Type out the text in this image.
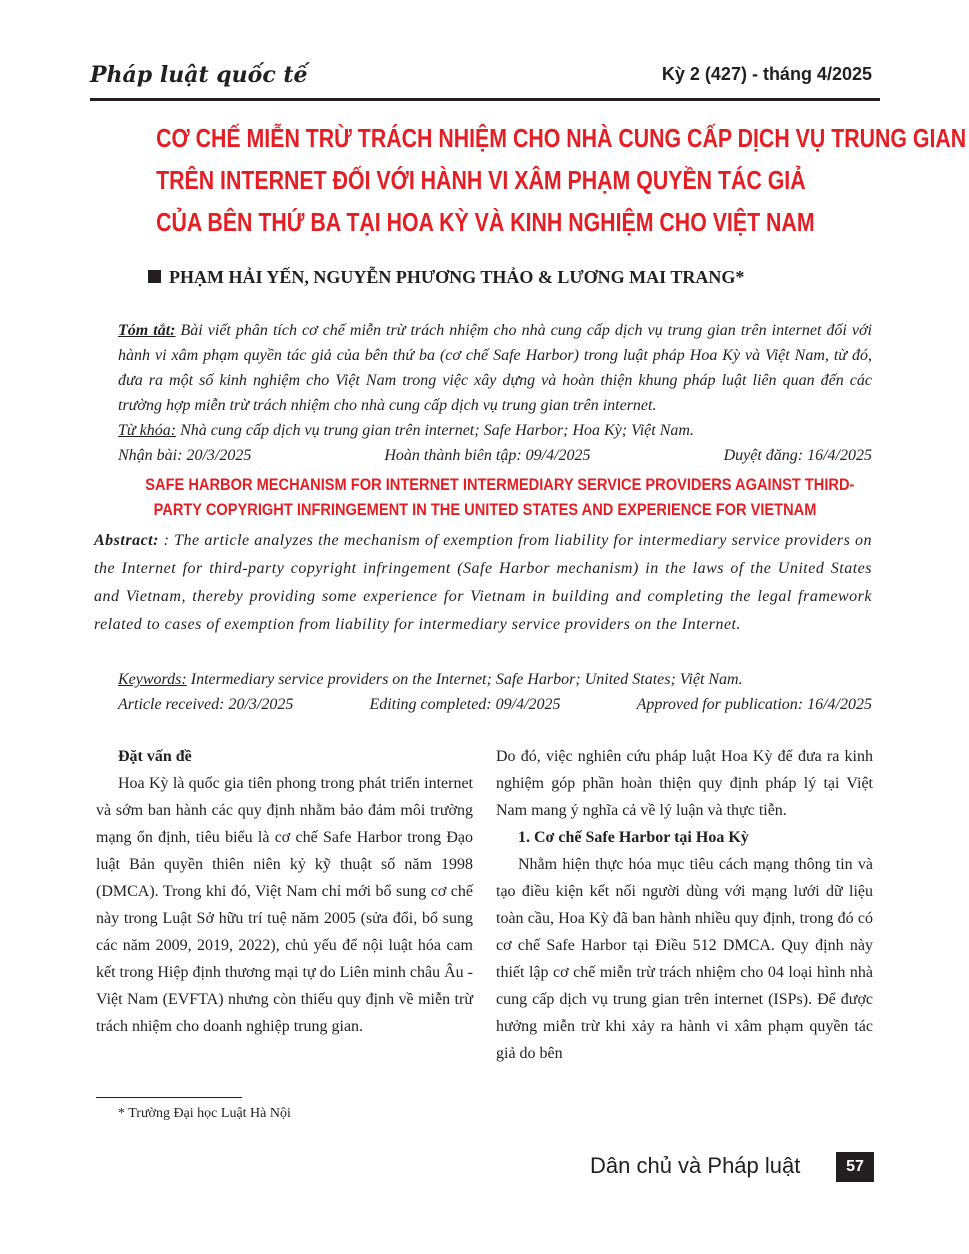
Pháp luật quốc tế	Kỳ 2 (427) - tháng 4/2025
CƠ CHẾ MIỄN TRỪ TRÁCH NHIỆM CHO NHÀ CUNG CẤP DỊCH VỤ TRUNG GIAN
TRÊN INTERNET ĐỐI VỚI HÀNH VI XÂM PHẠM QUYỀN TÁC GIẢ
CỦA BÊN THỨ BA TẠI HOA KỲ VÀ KINH NGHIỆM CHO VIỆT NAM
PHẠM HẢI YẾN, NGUYỄN PHƯƠNG THẢO & LƯƠNG MAI TRANG*

Tóm tắt: Bài viết phân tích cơ chế miễn trừ trách nhiệm cho nhà cung cấp dịch vụ trung gian trên internet đối với hành vi xâm phạm quyền tác giả của bên thứ ba (cơ chế Safe Harbor) trong luật pháp Hoa Kỳ và Việt Nam, từ đó, đưa ra một số kinh nghiệm cho Việt Nam trong việc xây dựng và hoàn thiện khung pháp luật liên quan đến các trường hợp miễn trừ trách nhiệm cho nhà cung cấp dịch vụ trung gian trên internet.

Từ khóa: Nhà cung cấp dịch vụ trung gian trên internet; Safe Harbor; Hoa Kỳ; Việt Nam.

Nhận bài: 20/3/2025	Hoàn thành biên tập: 09/4/2025	Duyệt đăng: 16/4/2025
SAFE HARBOR MECHANISM FOR INTERNET INTERMEDIARY SERVICE PROVIDERS AGAINST THIRD-
PARTY COPYRIGHT INFRINGEMENT IN THE UNITED STATES AND EXPERIENCE FOR VIETNAM

Abstract: : The article analyzes the mechanism of exemption from liability for intermediary service providers on the Internet for third-party copyright infringement (Safe Harbor mechanism) in the laws of the United States and Vietnam, thereby providing some experience for Vietnam in building and completing the legal framework related to cases of exemption from liability for intermediary service providers on the Internet.

Keywords: Intermediary service providers on the Internet; Safe Harbor; United States; Việt Nam.

Article received: 20/3/2025	Editing completed: 09/4/2025	Approved for publication: 16/4/2025
Đặt vấn đề

Hoa Kỳ là quốc gia tiên phong trong phát triển internet và sớm ban hành các quy định nhằm bảo đảm môi trường mạng ổn định, tiêu biểu là cơ chế Safe Harbor trong Đạo luật Bản quyền thiên niên kỷ kỹ thuật số năm 1998 (DMCA). Trong khi đó, Việt Nam chỉ mới bổ sung cơ chế này trong Luật Sở hữu trí tuệ năm 2005 (sửa đổi, bổ sung các năm 2009, 2019, 2022), chủ yếu để nội luật hóa cam kết trong Hiệp định thương mại tự do Liên minh châu Âu - Việt Nam (EVFTA) nhưng còn thiếu quy định về miễn trừ trách nhiệm cho doanh nghiệp trung gian.

Do đó, việc nghiên cứu pháp luật Hoa Kỳ để đưa ra kinh nghiệm góp phần hoàn thiện quy định pháp lý tại Việt Nam mang ý nghĩa cả về lý luận và thực tiễn.

1. Cơ chế Safe Harbor tại Hoa Kỳ

Nhằm hiện thực hóa mục tiêu cách mạng thông tin và tạo điều kiện kết nối người dùng với mạng lưới dữ liệu toàn cầu, Hoa Kỳ đã ban hành nhiều quy định, trong đó có cơ chế Safe Harbor tại Điều 512 DMCA. Quy định này thiết lập cơ chế miễn trừ trách nhiệm cho 04 loại hình nhà cung cấp dịch vụ trung gian trên internet (ISPs). Để được hưởng miễn trừ khi xảy ra hành vi xâm phạm quyền tác giả do bên

* Trường Đại học Luật Hà Nội
Dân chủ và Pháp luật	57
